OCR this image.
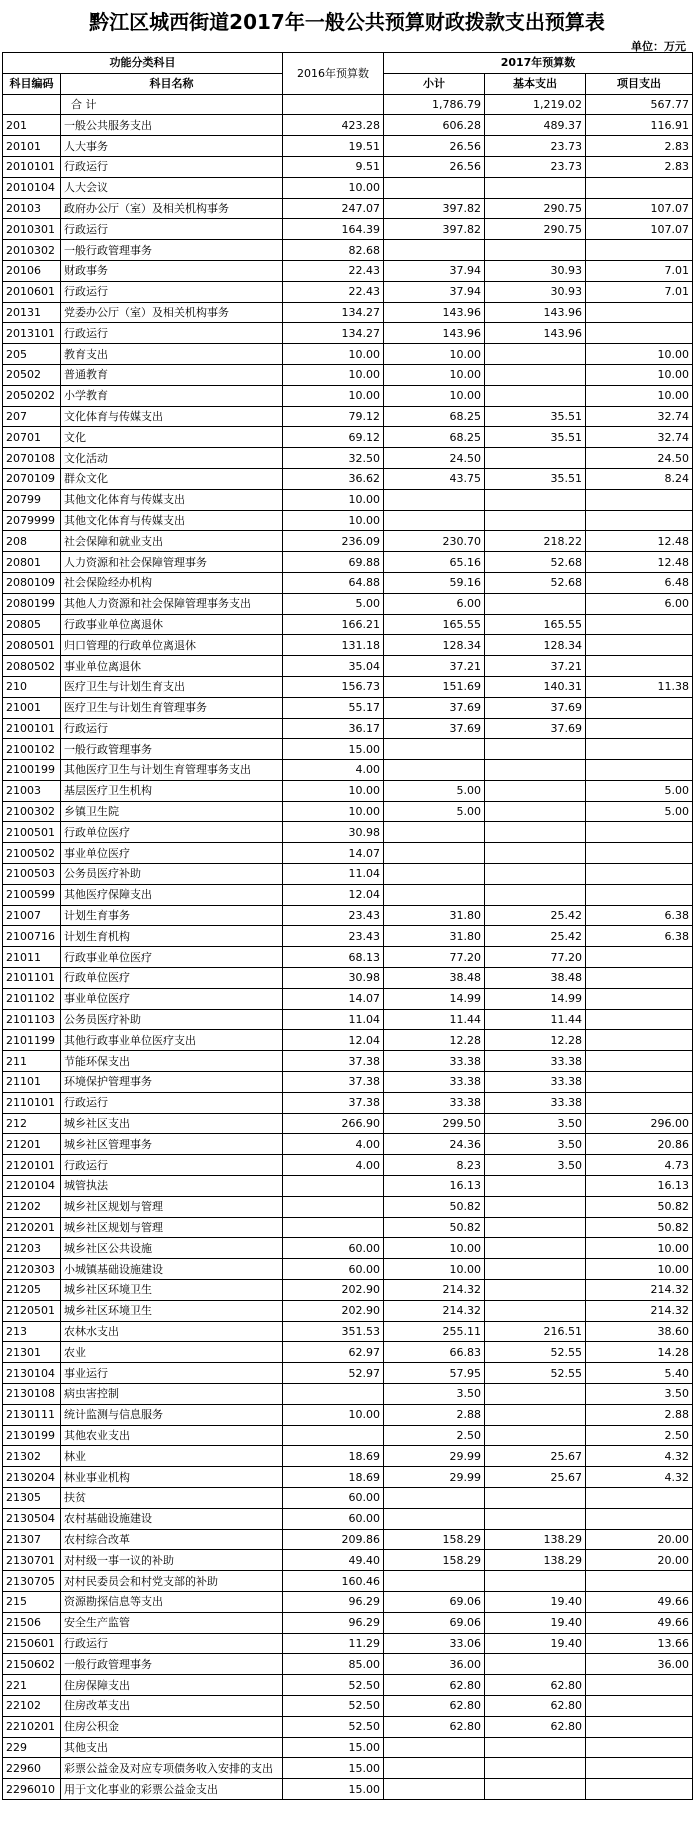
黔江区城西街道2017年一般公共预算财政拨款支出预算表
单位：万元
功能分类科目		2016年预算数	2017年预算数		
科目编码	科目名称		小计	基本支出	项目支出
	合 计		1,786.79	1,219.02	567.77
201	一般公共服务支出	423.28	606.28	489.37	116.91
20101	人大事务	19.51	26.56	23.73	2.83
2010101	行政运行	9.51	26.56	23.73	2.83
2010104	人大会议	10.00			
20103	政府办公厅（室）及相关机构事务	247.07	397.82	290.75	107.07
2010301	行政运行	164.39	397.82	290.75	107.07
2010302	一般行政管理事务	82.68			
20106	财政事务	22.43	37.94	30.93	7.01
2010601	行政运行	22.43	37.94	30.93	7.01
20131	党委办公厅（室）及相关机构事务	134.27	143.96	143.96	
2013101	行政运行	134.27	143.96	143.96	
205	教育支出	10.00	10.00		10.00
20502	普通教育	10.00	10.00		10.00
2050202	小学教育	10.00	10.00		10.00
207	文化体育与传媒支出	79.12	68.25	35.51	32.74
20701	文化	69.12	68.25	35.51	32.74
2070108	文化活动	32.50	24.50		24.50
2070109	群众文化	36.62	43.75	35.51	8.24
20799	其他文化体育与传媒支出	10.00			
2079999	其他文化体育与传媒支出	10.00			
208	社会保障和就业支出	236.09	230.70	218.22	12.48
20801	人力资源和社会保障管理事务	69.88	65.16	52.68	12.48
2080109	社会保险经办机构	64.88	59.16	52.68	6.48
2080199	其他人力资源和社会保障管理事务支出	5.00	6.00		6.00
20805	行政事业单位离退休	166.21	165.55	165.55	
2080501	归口管理的行政单位离退休	131.18	128.34	128.34	
2080502	事业单位离退休	35.04	37.21	37.21	
210	医疗卫生与计划生育支出	156.73	151.69	140.31	11.38
21001	医疗卫生与计划生育管理事务	55.17	37.69	37.69	
2100101	行政运行	36.17	37.69	37.69	
2100102	一般行政管理事务	15.00			
2100199	其他医疗卫生与计划生育管理事务支出	4.00			
21003	基层医疗卫生机构	10.00	5.00		5.00
2100302	乡镇卫生院	10.00	5.00		5.00
2100501	行政单位医疗	30.98			
2100502	事业单位医疗	14.07			
2100503	公务员医疗补助	11.04			
2100599	其他医疗保障支出	12.04			
21007	计划生育事务	23.43	31.80	25.42	6.38
2100716	计划生育机构	23.43	31.80	25.42	6.38
21011	行政事业单位医疗	68.13	77.20	77.20	
2101101	行政单位医疗	30.98	38.48	38.48	
2101102	事业单位医疗	14.07	14.99	14.99	
2101103	公务员医疗补助	11.04	11.44	11.44	
2101199	其他行政事业单位医疗支出	12.04	12.28	12.28	
211	节能环保支出	37.38	33.38	33.38	
21101	环境保护管理事务	37.38	33.38	33.38	
2110101	行政运行	37.38	33.38	33.38	
212	城乡社区支出	266.90	299.50	3.50	296.00
21201	城乡社区管理事务	4.00	24.36	3.50	20.86
2120101	行政运行	4.00	8.23	3.50	4.73
2120104	城管执法		16.13		16.13
21202	城乡社区规划与管理		50.82		50.82
2120201	城乡社区规划与管理		50.82		50.82
21203	城乡社区公共设施	60.00	10.00		10.00
2120303	小城镇基础设施建设	60.00	10.00		10.00
21205	城乡社区环境卫生	202.90	214.32		214.32
2120501	城乡社区环境卫生	202.90	214.32		214.32
213	农林水支出	351.53	255.11	216.51	38.60
21301	农业	62.97	66.83	52.55	14.28
2130104	事业运行	52.97	57.95	52.55	5.40
2130108	病虫害控制		3.50		3.50
2130111	统计监测与信息服务	10.00	2.88		2.88
2130199	其他农业支出		2.50		2.50
21302	林业	18.69	29.99	25.67	4.32
2130204	林业事业机构	18.69	29.99	25.67	4.32
21305	扶贫	60.00			
2130504	农村基础设施建设	60.00			
21307	农村综合改革	209.86	158.29	138.29	20.00
2130701	对村级一事一议的补助	49.40	158.29	138.29	20.00
2130705	对村民委员会和村党支部的补助	160.46			
215	资源勘探信息等支出	96.29	69.06	19.40	49.66
21506	安全生产监管	96.29	69.06	19.40	49.66
2150601	行政运行	11.29	33.06	19.40	13.66
2150602	一般行政管理事务	85.00	36.00		36.00
221	住房保障支出	52.50	62.80	62.80	
22102	住房改革支出	52.50	62.80	62.80	
2210201	住房公积金	52.50	62.80	62.80	
229	其他支出	15.00			
22960	彩票公益金及对应专项债务收入安排的支出	15.00			
2296010	用于文化事业的彩票公益金支出	15.00			
